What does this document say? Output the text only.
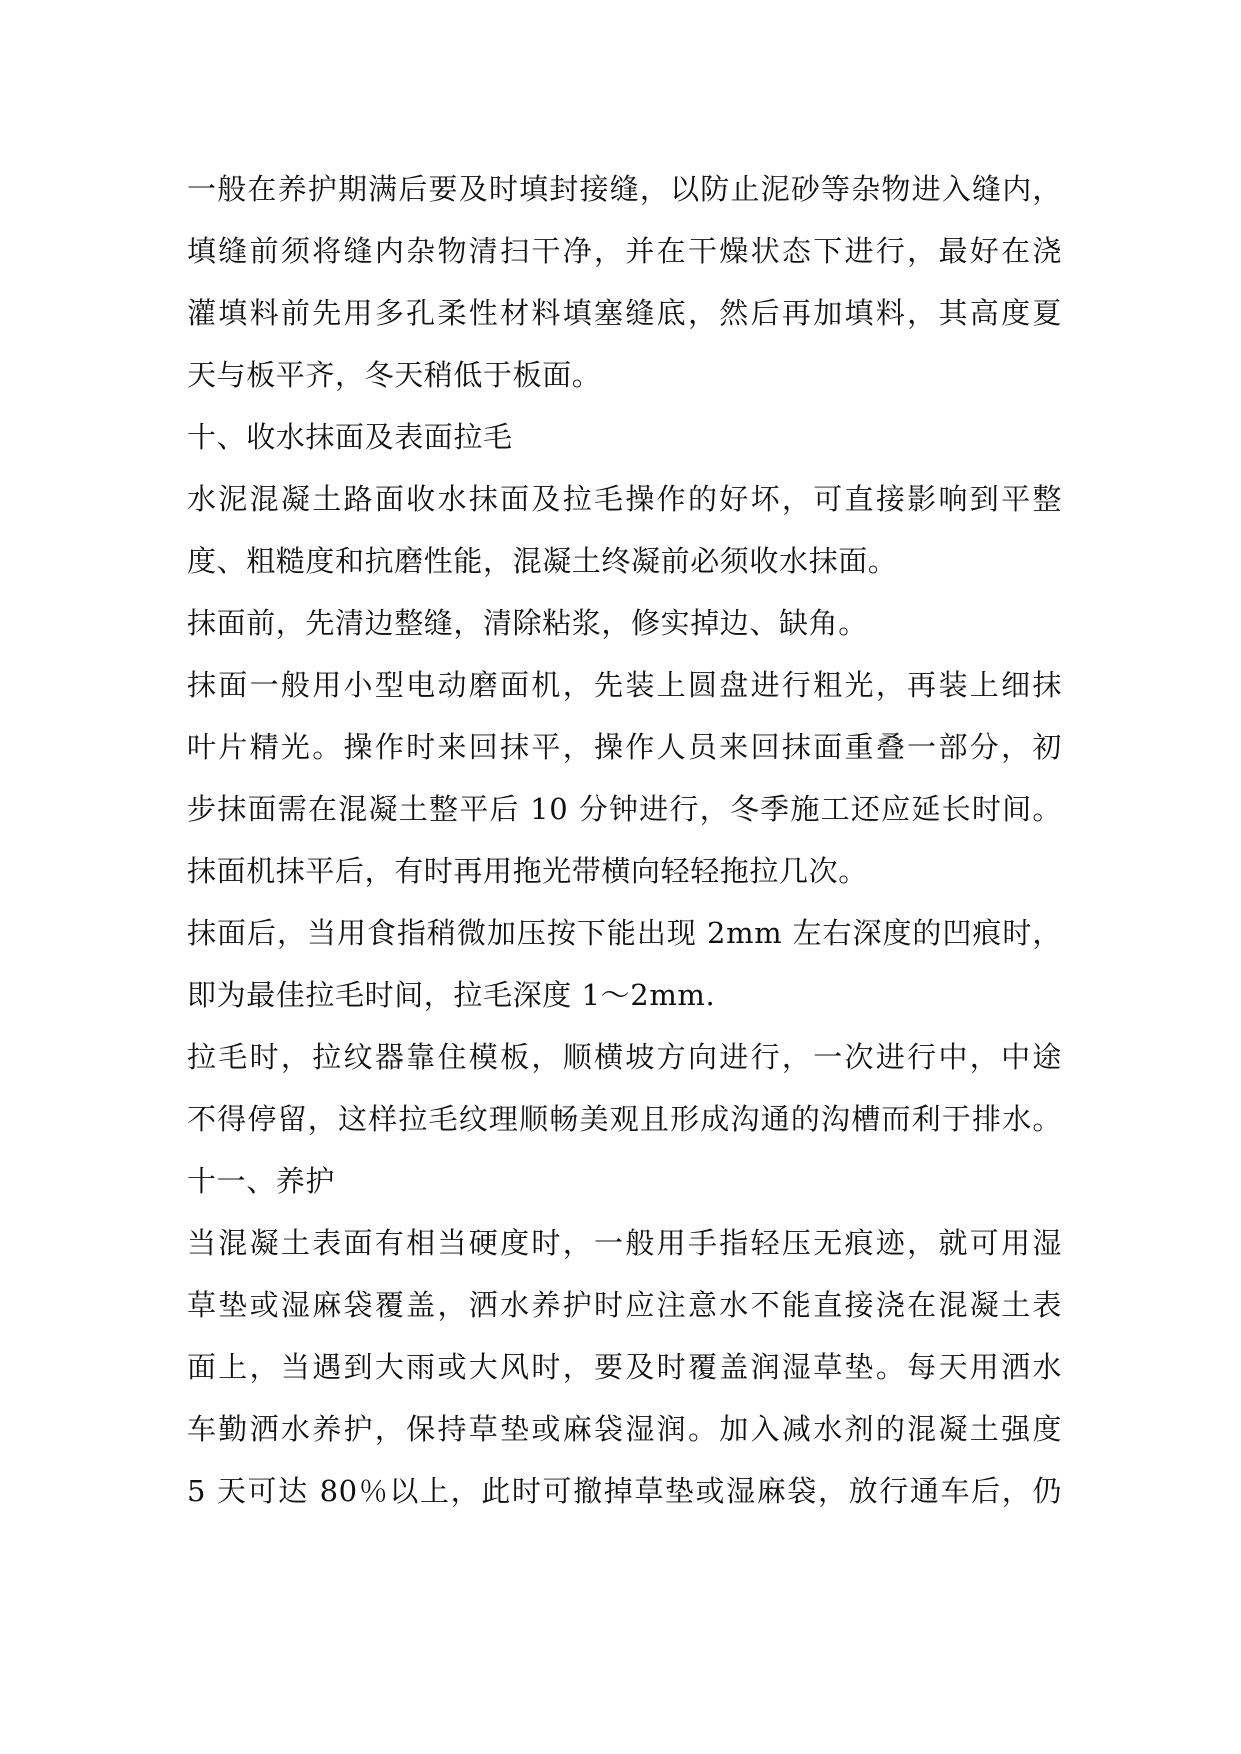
一般在养护期满后要及时填封接缝，以防止泥砂等杂物进入缝内，
填缝前须将缝内杂物清扫干净，并在干燥状态下进行，最好在浇
灌填料前先用多孔柔性材料填塞缝底，然后再加填料，其高度夏
天与板平齐，冬天稍低于板面。
十、收水抹面及表面拉毛
水泥混凝土路面收水抹面及拉毛操作的好坏，可直接影响到平整
度、粗糙度和抗磨性能，混凝土终凝前必须收水抹面。
抹面前，先清边整缝，清除粘浆，修实掉边、缺角。
抹面一般用小型电动磨面机，先装上圆盘进行粗光，再装上细抹
叶片精光。操作时来回抹平，操作人员来回抹面重叠一部分，初
步抹面需在混凝土整平后 10 分钟进行，冬季施工还应延长时间。
抹面机抹平后，有时再用拖光带横向轻轻拖拉几次。
抹面后，当用食指稍微加压按下能出现 2mm 左右深度的凹痕时，
即为最佳拉毛时间，拉毛深度 1～2mm.
拉毛时，拉纹器靠住模板，顺横坡方向进行，一次进行中，中途
不得停留，这样拉毛纹理顺畅美观且形成沟通的沟槽而利于排水。
十一、养护
当混凝土表面有相当硬度时，一般用手指轻压无痕迹，就可用湿
草垫或湿麻袋覆盖，洒水养护时应注意水不能直接浇在混凝土表
面上，当遇到大雨或大风时，要及时覆盖润湿草垫。每天用洒水
车勤洒水养护，保持草垫或麻袋湿润。加入减水剂的混凝土强度
5 天可达 80％以上，此时可撤掉草垫或湿麻袋，放行通车后，仍
